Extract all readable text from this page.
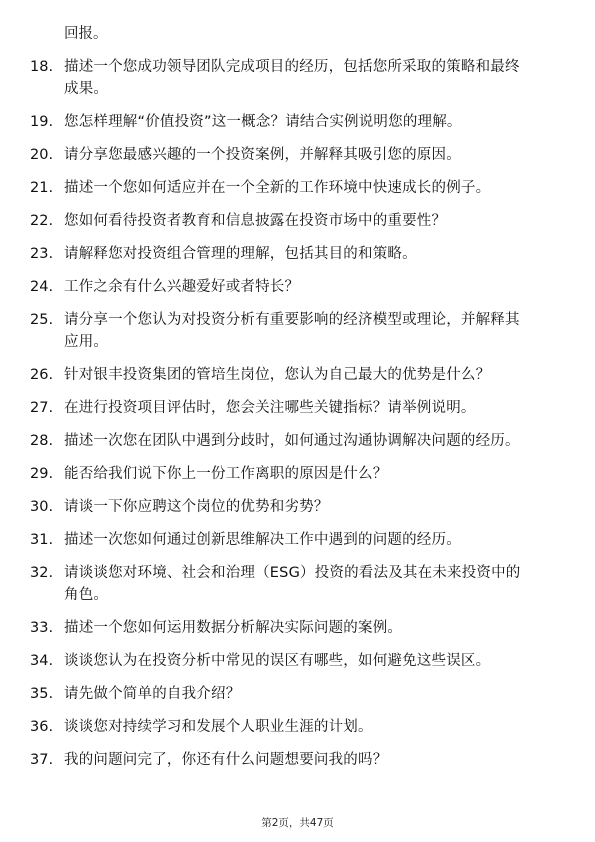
回报。

18. 描述一个您成功领导团队完成项目的经历，包括您所采取的策略和最终成果。
19. 您怎样理解“价值投资”这一概念？请结合实例说明您的理解。
20. 请分享您最感兴趣的一个投资案例，并解释其吸引您的原因。
21. 描述一个您如何适应并在一个全新的工作环境中快速成长的例子。
22. 您如何看待投资者教育和信息披露在投资市场中的重要性？
23. 请解释您对投资组合管理的理解，包括其目的和策略。
24. 工作之余有什么兴趣爱好或者特长？
25. 请分享一个您认为对投资分析有重要影响的经济模型或理论，并解释其应用。
26. 针对银丰投资集团的管培生岗位，您认为自己最大的优势是什么？
27. 在进行投资项目评估时，您会关注哪些关键指标？请举例说明。
28. 描述一次您在团队中遇到分歧时，如何通过沟通协调解决问题的经历。
29. 能否给我们说下你上一份工作离职的原因是什么？
30. 请谈一下你应聘这个岗位的优势和劣势？
31. 描述一次您如何通过创新思维解决工作中遇到的问题的经历。
32. 请谈谈您对环境、社会和治理（ESG）投资的看法及其在未来投资中的角色。
33. 描述一个您如何运用数据分析解决实际问题的案例。
34. 谈谈您认为在投资分析中常见的误区有哪些，如何避免这些误区。
35. 请先做个简单的自我介绍？
36. 谈谈您对持续学习和发展个人职业生涯的计划。
37. 我的问题问完了，你还有什么问题想要问我的吗？
第2页，共47页
